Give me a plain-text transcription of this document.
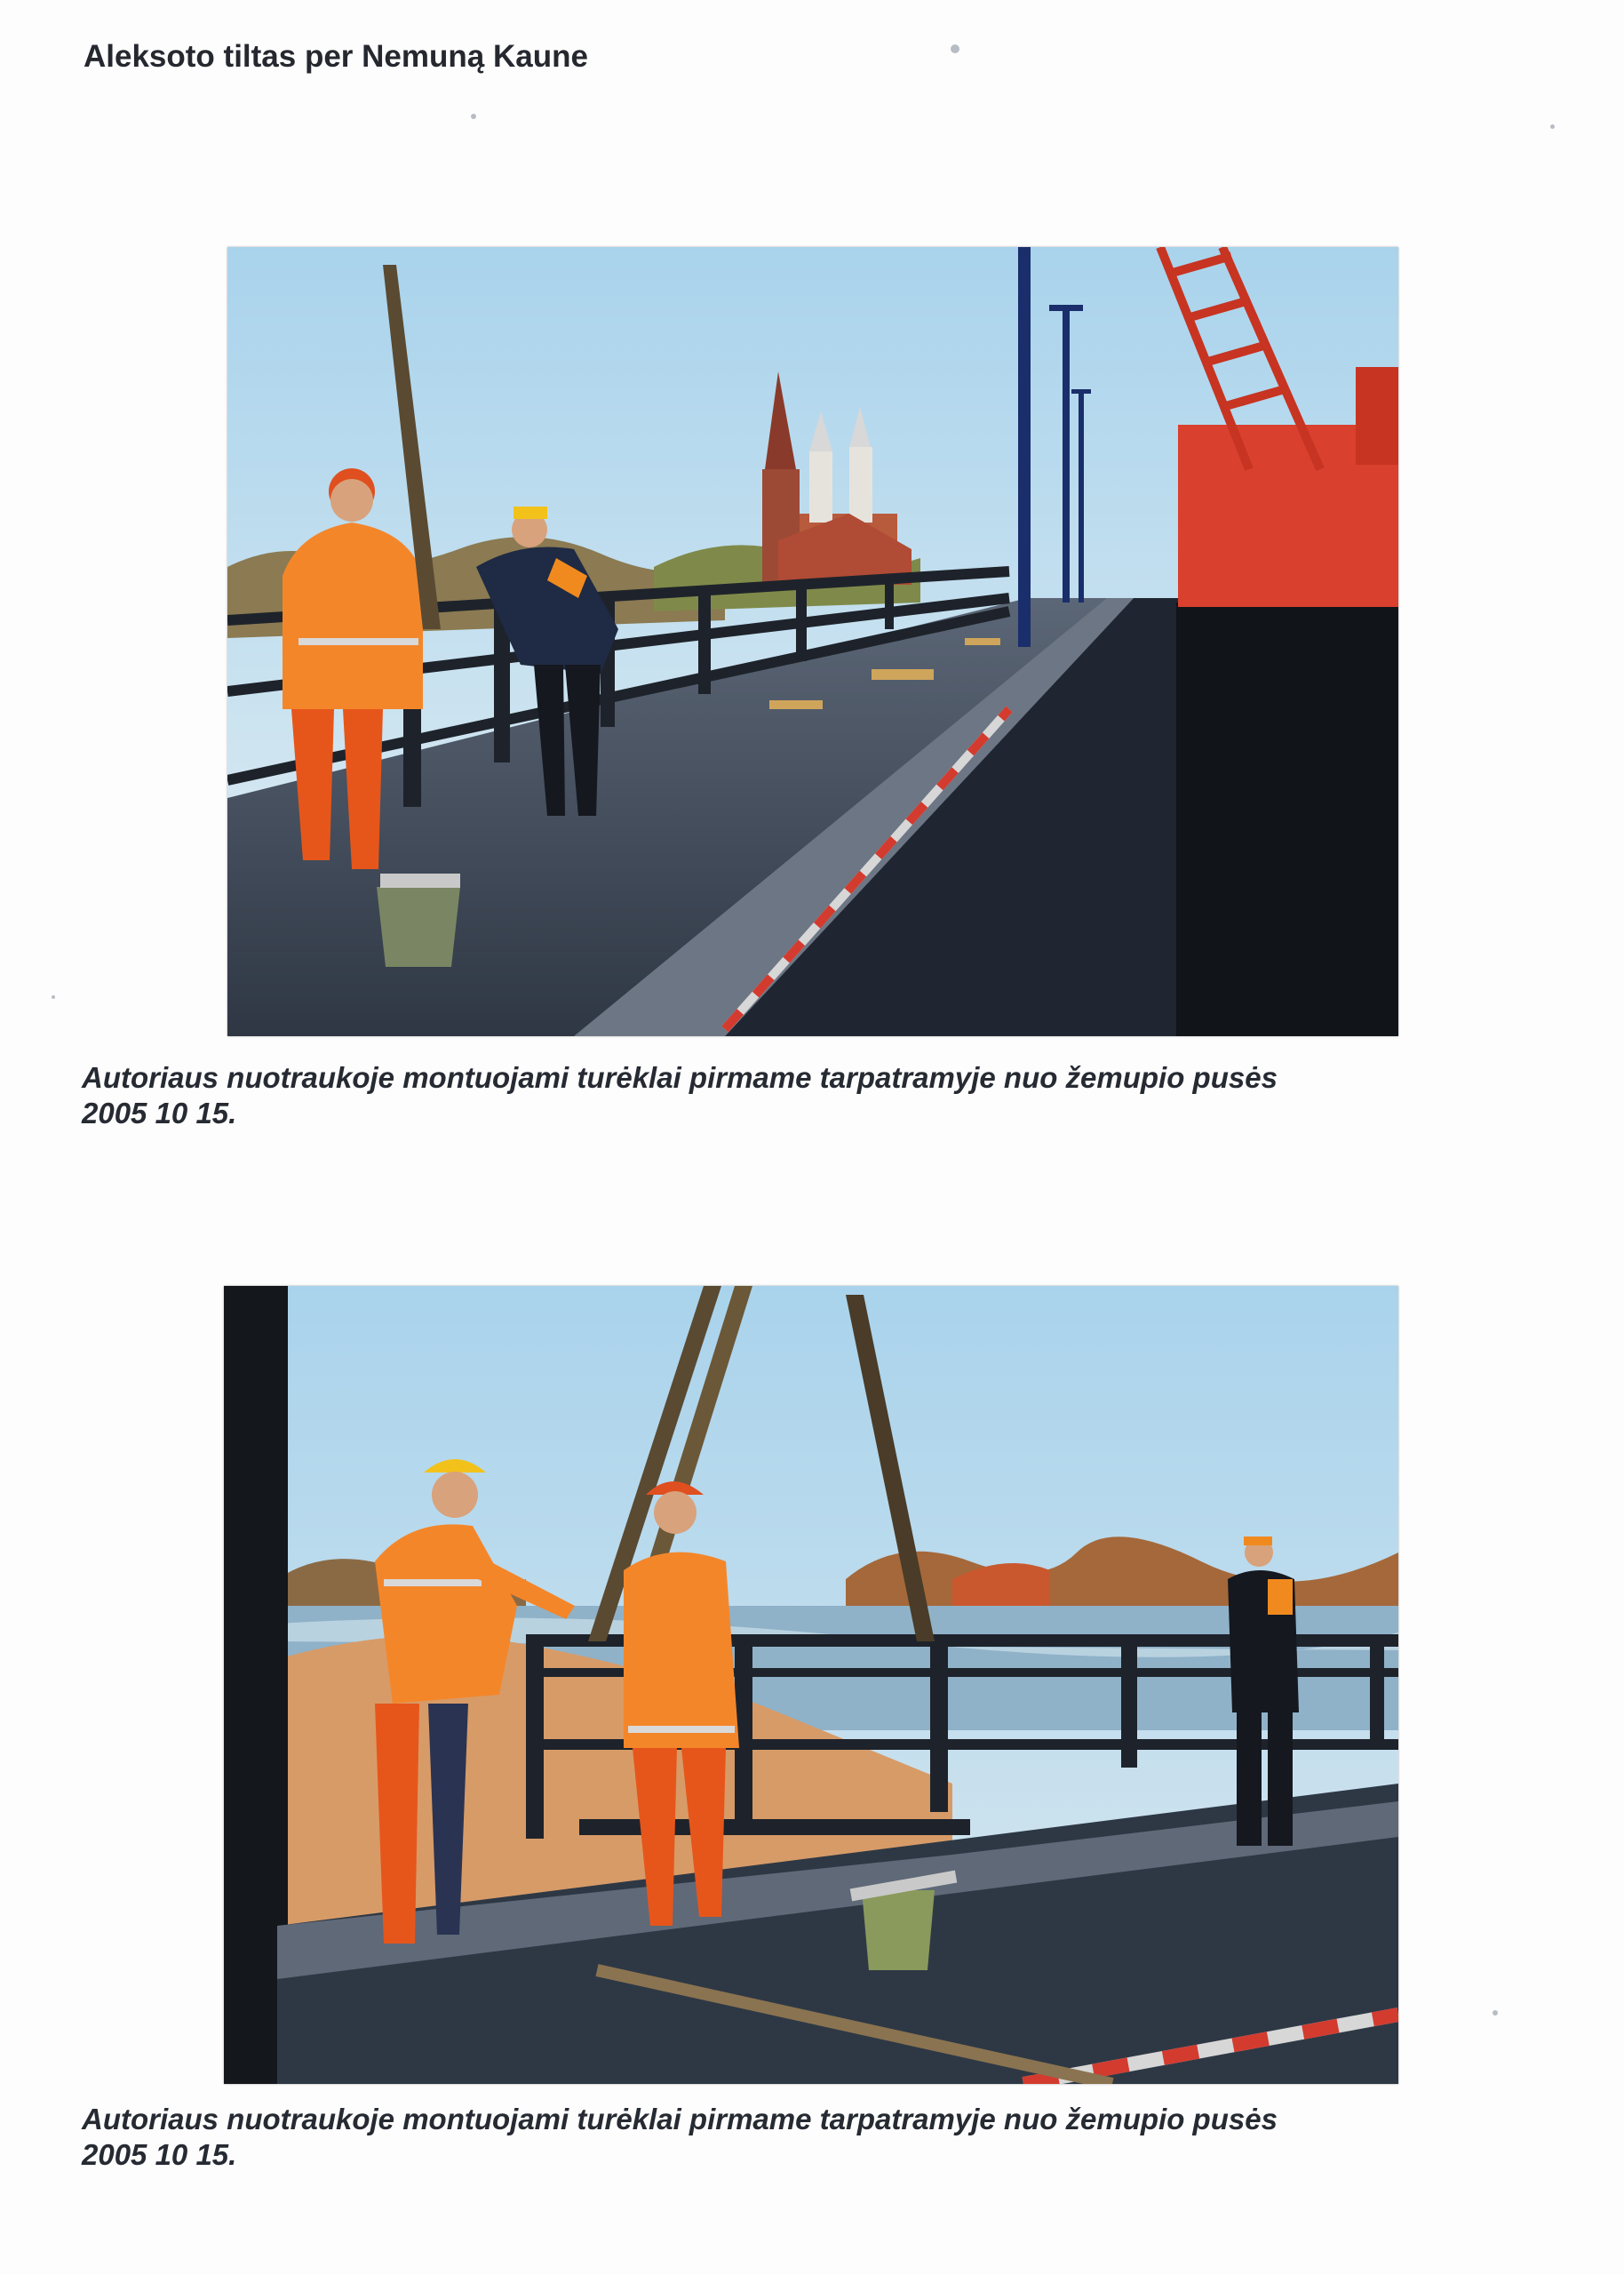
Aleksoto tiltas per Nemuną Kaune
Autoriaus nuotraukoje montuojami turėklai pirmame tarpatramyje nuo žemupio pusės
2005 10 15.
Autoriaus nuotraukoje montuojami turėklai pirmame tarpatramyje nuo žemupio pusės
2005 10 15.
